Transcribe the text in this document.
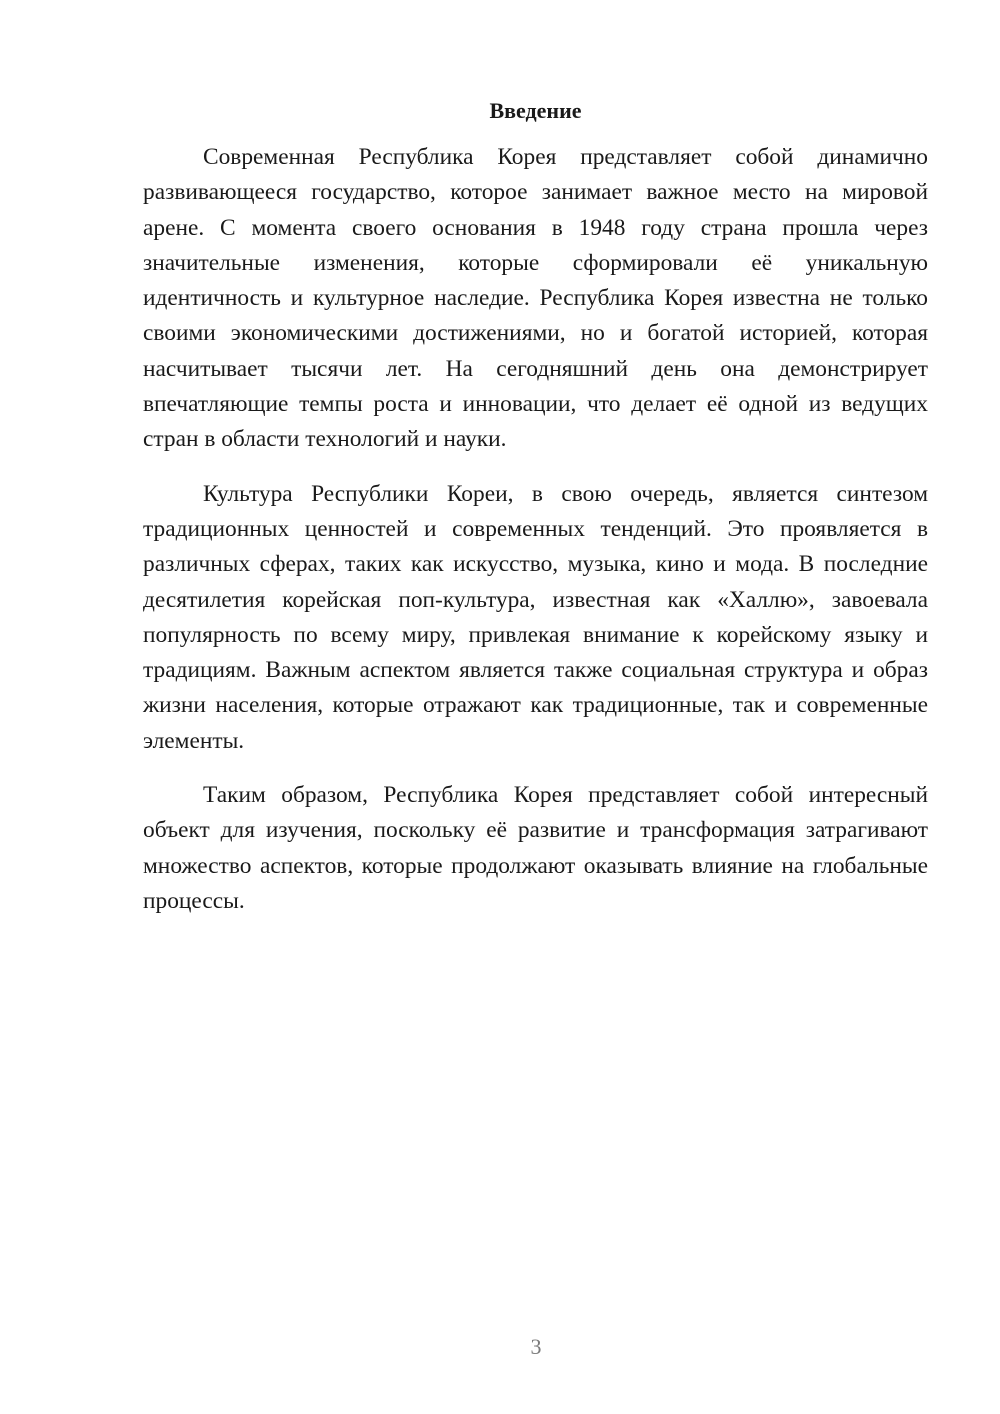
Введение

Современная Республика Корея представляет собой динамично развивающееся государство, которое занимает важное место на мировой арене. С момента своего основания в 1948 году страна прошла через значительные изменения, которые сформировали её уникальную идентичность и культурное наследие. Республика Корея известна не только своими экономическими достижениями, но и богатой историей, которая насчитывает тысячи лет. На сегодняшний день она демонстрирует впечатляющие темпы роста и инновации, что делает её одной из ведущих стран в области технологий и науки.

Культура Республики Кореи, в свою очередь, является синтезом традиционных ценностей и современных тенденций. Это проявляется в различных сферах, таких как искусство, музыка, кино и мода. В последние десятилетия корейская поп-культура, известная как «Халлю», завоевала популярность по всему миру, привлекая внимание к корейскому языку и традициям. Важным аспектом является также социальная структура и образ жизни населения, которые отражают как традиционные, так и современные элементы.

Таким образом, Республика Корея представляет собой интересный объект для изучения, поскольку её развитие и трансформация затрагивают множество аспектов, которые продолжают оказывать влияние на глобальные процессы.

3
